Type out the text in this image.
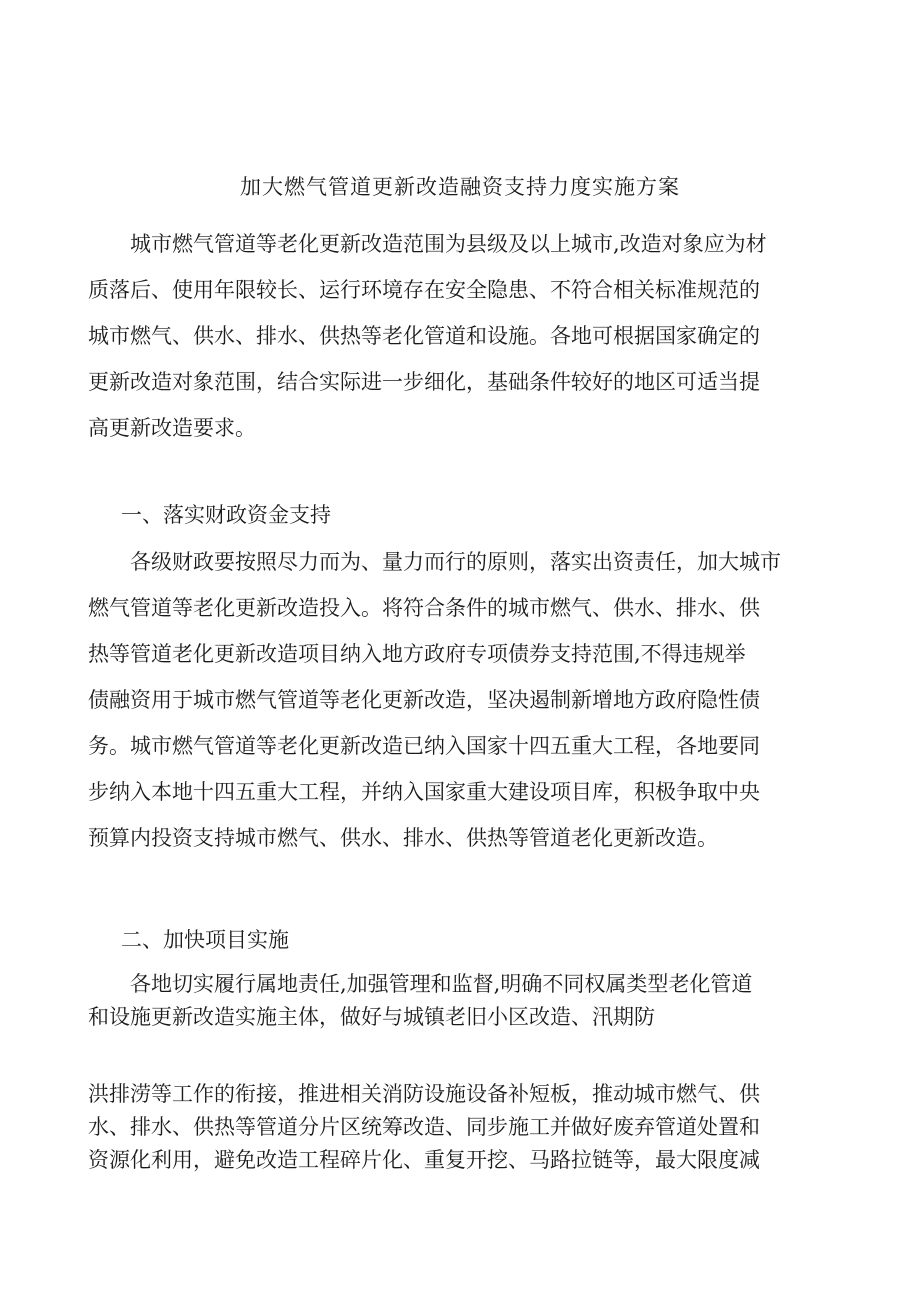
加大燃气管道更新改造融资支持力度实施方案
　　城市燃气管道等老化更新改造范围为县级及以上城市,改造对象应为材
质落后、使用年限较长、运行环境存在安全隐患、不符合相关标准规范的
城市燃气、供水、排水、供热等老化管道和设施。各地可根据国家确定的
更新改造对象范围，结合实际进一步细化，基础条件较好的地区可适当提
高更新改造要求。
一、落实财政资金支持
　　各级财政要按照尽力而为、量力而行的原则，落实出资责任，加大城市
燃气管道等老化更新改造投入。将符合条件的城市燃气、供水、排水、供
热等管道老化更新改造项目纳入地方政府专项债券支持范围,不得违规举
债融资用于城市燃气管道等老化更新改造，坚决遏制新增地方政府隐性债
务。城市燃气管道等老化更新改造已纳入国家十四五重大工程，各地要同
步纳入本地十四五重大工程，并纳入国家重大建设项目库，积极争取中央
预算内投资支持城市燃气、供水、排水、供热等管道老化更新改造。
二、加快项目实施
　　各地切实履行属地责任,加强管理和监督,明确不同权属类型老化管道
和设施更新改造实施主体，做好与城镇老旧小区改造、汛期防
洪排涝等工作的衔接，推进相关消防设施设备补短板，推动城市燃气、供
水、排水、供热等管道分片区统筹改造、同步施工并做好废弃管道处置和
资源化利用，避免改造工程碎片化、重复开挖、马路拉链等，最大限度减
